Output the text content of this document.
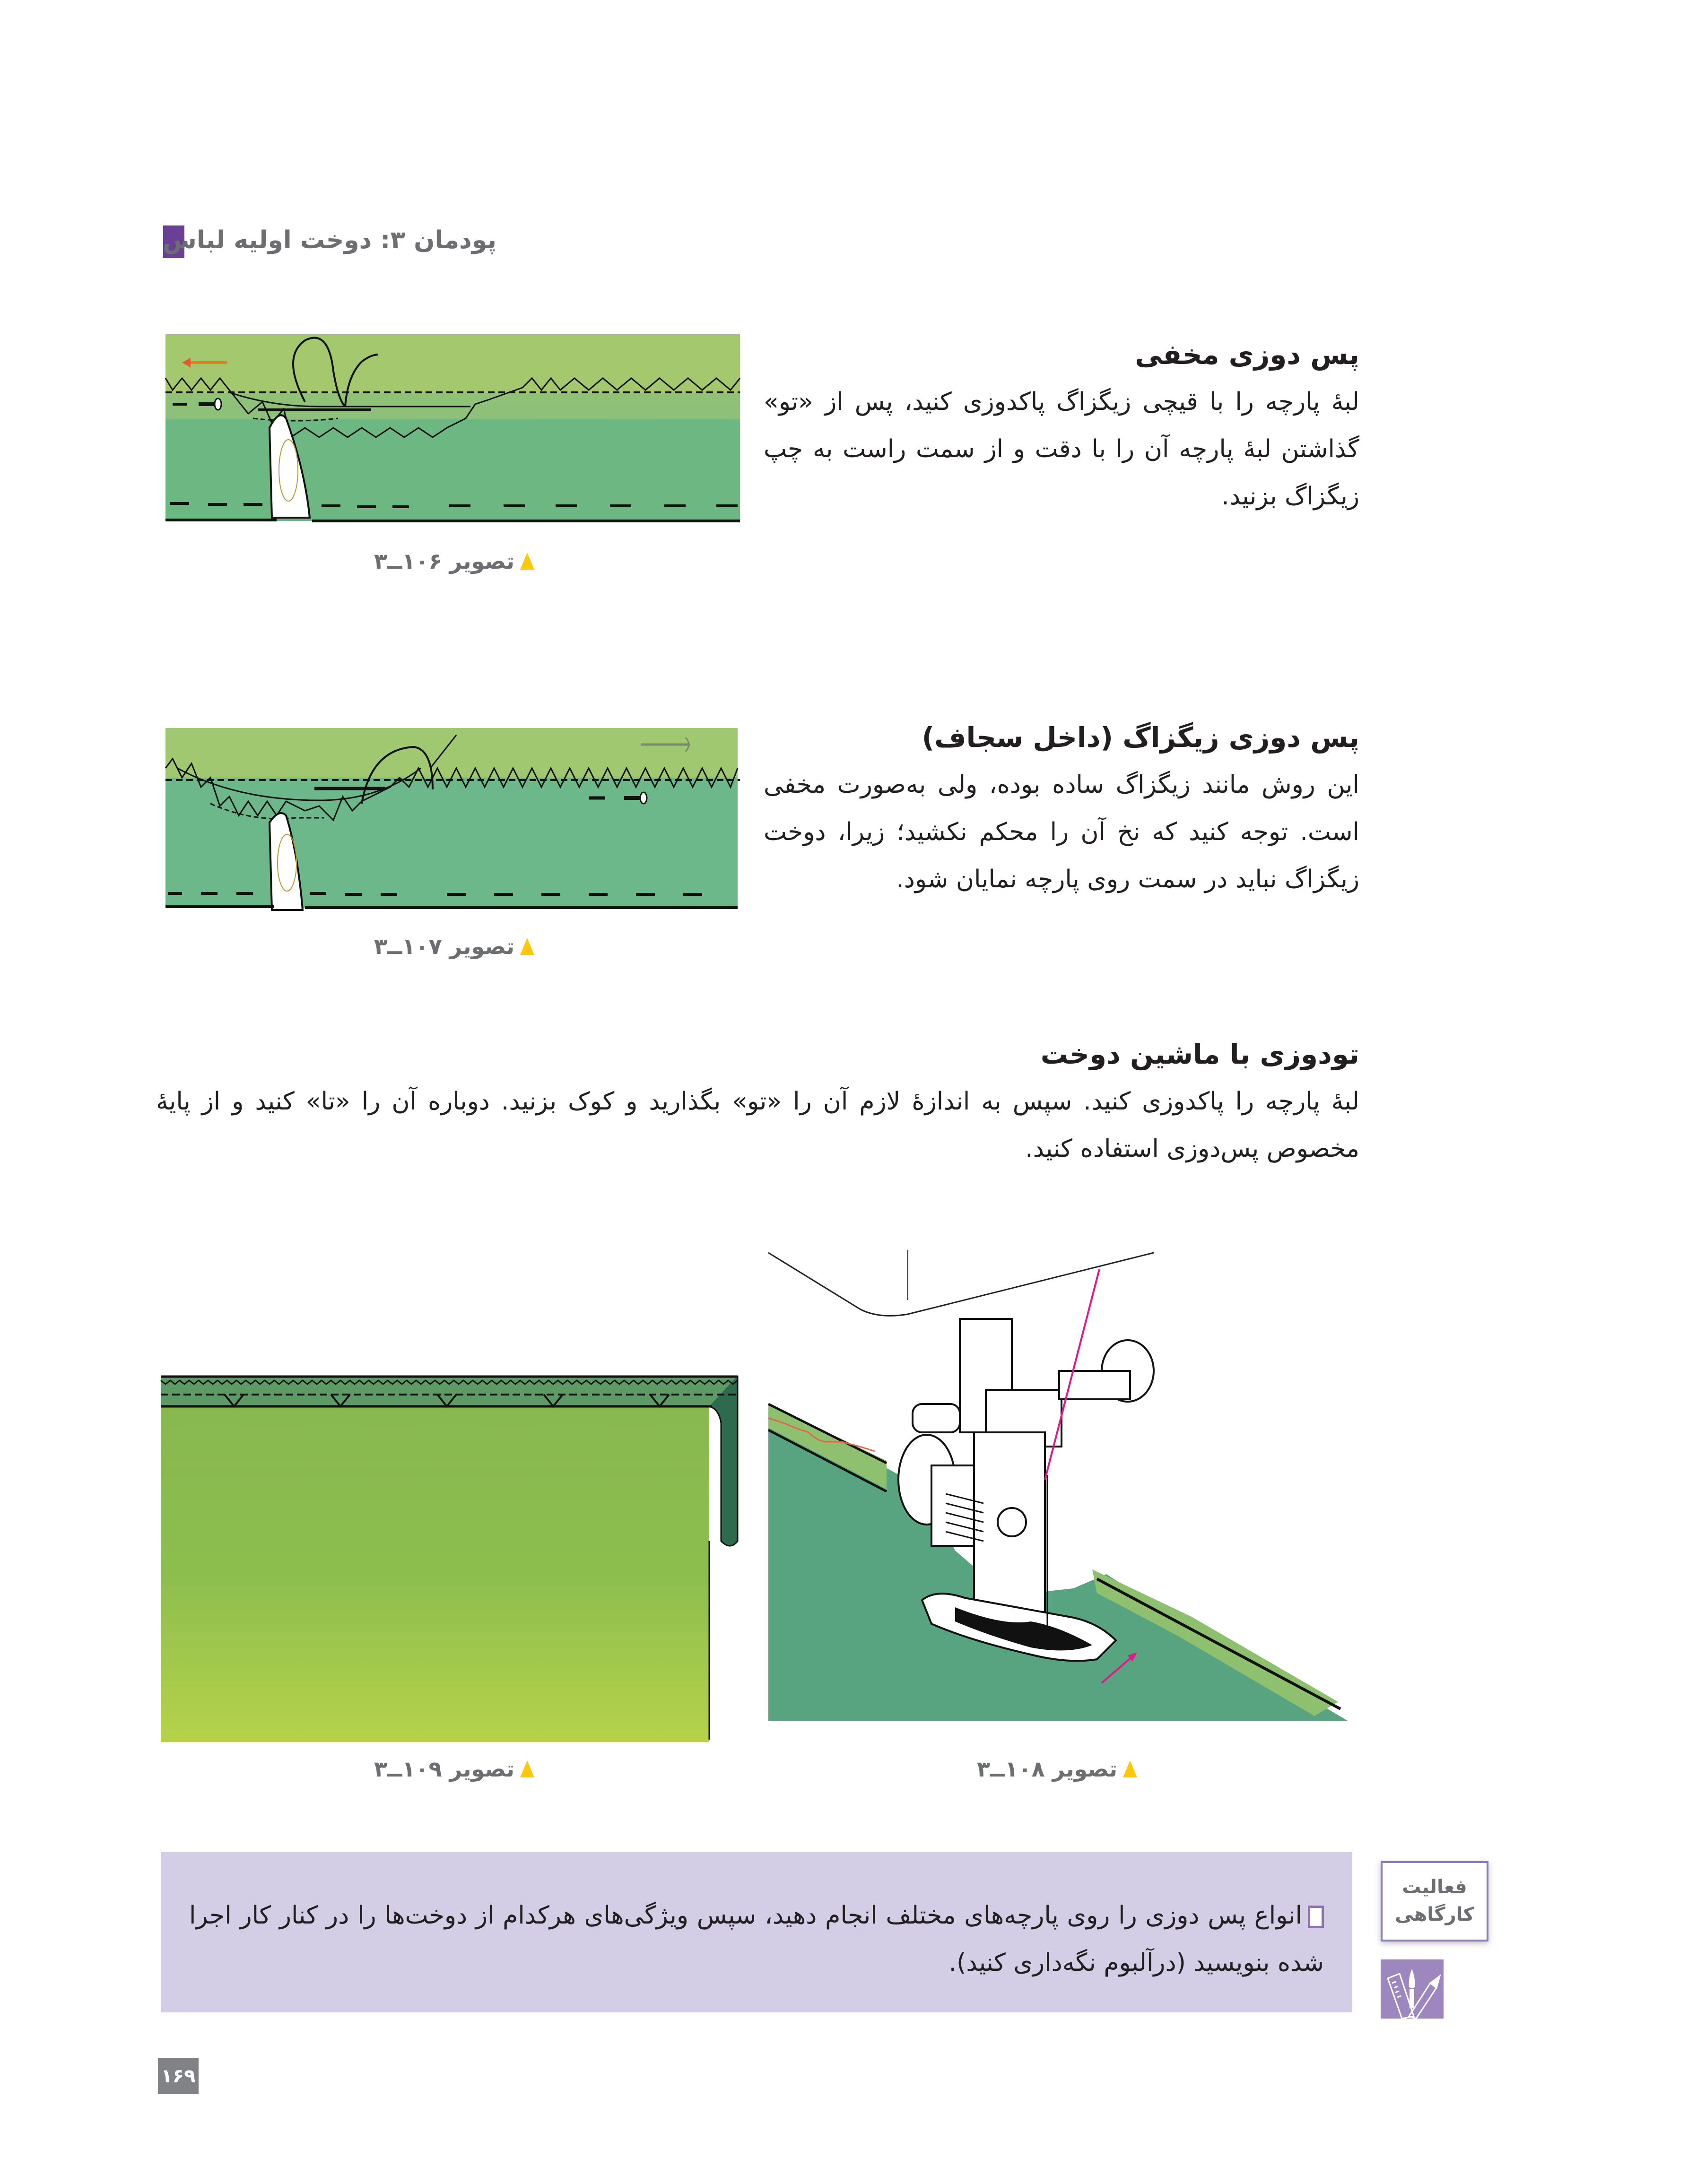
پودمان ۳: دوخت اولیه لباس
پس دوزی مخفی
لبهٔ پارچه را با قیچی زیگزاگ پاکدوزی کنید، پس از «تو» گذاشتن لبهٔ پارچه آن را با دقت و از سمت راست به چپ زیگزاگ بزنید.
تصویر ۱۰۶ــ۳
پس دوزی زیگزاگ (داخل سجاف)
این روش مانند زیگزاگ ساده بوده، ولی به‌صورت مخفی است. توجه کنید که نخ آن را محکم نکشید؛ زیرا، دوخت زیگزاگ نباید در سمت روی پارچه نمایان شود.
تصویر ۱۰۷ــ۳
تودوزی با ماشین دوخت
لبهٔ پارچه را پاکدوزی کنید. سپس به اندازهٔ لازم آن را «تو» بگذارید و کوک بزنید. دوباره آن را «تا» کنید و از پایهٔ مخصوص پس‌دوزی استفاده کنید.
تصویر ۱۰۸ــ۳
تصویر ۱۰۹ــ۳
انواع پس دوزی را روی پارچه‌های مختلف انجام دهید، سپس ویژگی‌های هرکدام از دوخت‌ها را در کنار کار اجرا شده بنویسید (درآلبوم نگه‌داری کنید).
فعالیت
کارگاهی
۱۶۹
